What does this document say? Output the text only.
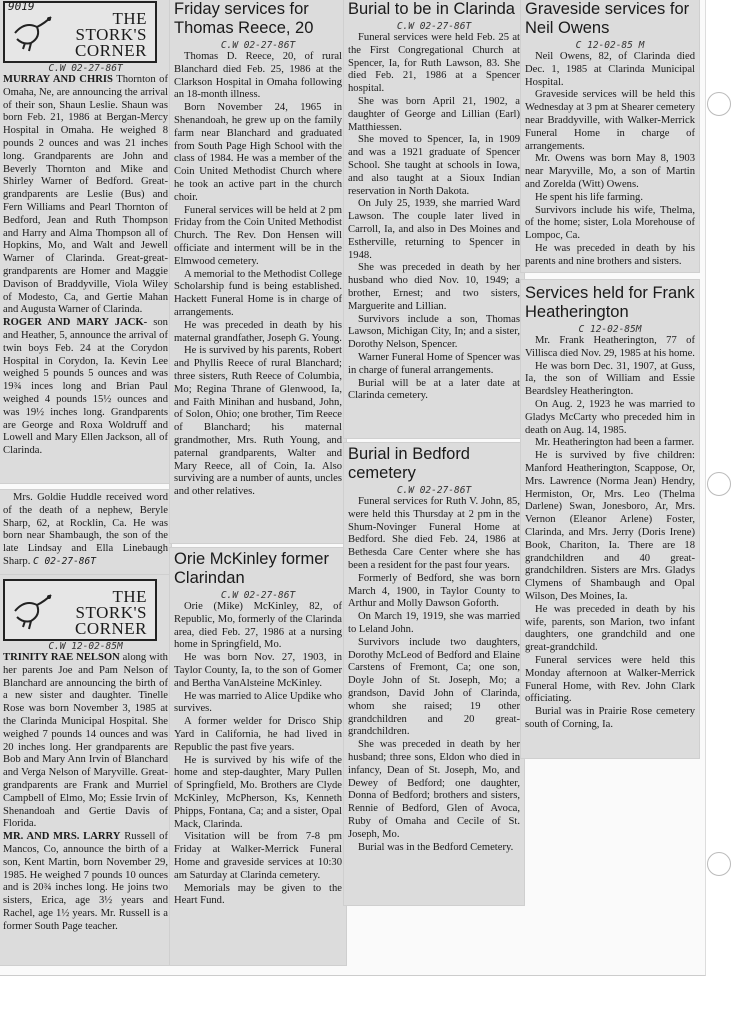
THE
STORK'S
CORNER
C.W 02-27-86T

MURRAY AND CHRIS Thornton of Omaha, Ne, are announcing the arrival of their son, Shaun Leslie. Shaun was born Feb. 21, 1986 at Bergan-Mercy Hospital in Omaha. He weighed 8 pounds 2 ounces and was 21 inches long. Grandparents are John and Beverly Thornton and Mike and Shirley Warner of Bedford. Great-grandparents are Leslie (Bus) and Fern Williams and Pearl Thornton of Bedford, Jean and Ruth Thompson and Harry and Alma Thompson all of Hopkins, Mo, and Walt and Jewell Warner of Clarinda. Great-great-grandparents are Homer and Maggie Davison of Braddyville, Viola Wiley of Modesto, Ca, and Gertie Mahan and Augusta Warner of Clarinda.

ROGER AND MARY JACK- son and Heather, 5, announce the arrival of twin boys Feb. 24 at the Corydon Hospital in Corydon, Ia. Kevin Lee weighed 5 pounds 5 ounces and was 19¾ inces long and Brian Paul weighed 4 pounds 15½ ounces and was 19½ inches long. Grandparents are George and Roxa Woldruff and Lowell and Mary Ellen Jackson, all of Clarinda.

Mrs. Goldie Huddle received word of the death of a nephew, Beryle Sharp, 62, at Rocklin, Ca. He was born near Shambaugh, the son of the late Lindsay and Ella Linebaugh Sharp. C 02-27-86T

THE
STORK'S
CORNER
C.W 12-02-85M

TRINITY RAE NELSON along with her parents Joe and Pam Nelson of Blanchard are announcing the birth of a new sister and daughter. Tinelle Rose was born November 3, 1985 at the Clarinda Municipal Hospital. She weighed 7 pounds 14 ounces and was 20 inches long. Her grandparents are Bob and Mary Ann Irvin of Blanchard and Verga Nelson of Maryville. Great-grandparents are Frank and Murriel Campbell of Elmo, Mo; Essie Irvin of Shenandoah and Gertie Davis of Florida.

MR. AND MRS. LARRY Russell of Mancos, Co, announce the birth of a son, Kent Martin, born November 29, 1985. He weighed 7 pounds 10 ounces and is 20¾ inches long. He joins two sisters, Erica, age 3½ years and Rachel, age 1½ years. Mr. Russell is a former South Page teacher.

9019	Friday services for Thomas Reece, 20
C.W 02-27-86T

Thomas D. Reece, 20, of rural Blanchard died Feb. 25, 1986 at the Clarkson Hospital in Omaha following an 18-month illness.

Born November 24, 1965 in Shenandoah, he grew up on the family farm near Blanchard and graduated from South Page High School with the class of 1984. He was a member of the Coin United Methodist Church where he took an active part in the church choir.

Funeral services will be held at 2 pm Friday from the Coin United Methodist Church. The Rev. Don Hensen will officiate and interment will be in the Elmwood cemetery.

A memorial to the Methodist College Scholarship fund is being established. Hackett Funeral Home is in charge of arrangements.

He was preceded in death by his maternal grandfather, Joseph G. Young.

He is survived by his parents, Robert and Phyllis Reece of rural Blanchard; three sisters, Ruth Reece of Columbia, Mo; Regina Thrane of Glenwood, Ia, and Faith Minihan and husband, John, of Solon, Ohio; one brother, Tim Reece of Blanchard; his maternal grandmother, Mrs. Ruth Young, and paternal grandparents, Walter and Mary Reece, all of Coin, Ia. Also surviving are a number of aunts, uncles and other relatives.

Orie McKinley former Clarindan
C.W 02-27-86T

Orie (Mike) McKinley, 82, of Republic, Mo, formerly of the Clarinda area, died Feb. 27, 1986 at a nursing home in Springfield, Mo.

He was born Nov. 27, 1903, in Taylor County, Ia, to the son of Gomer and Bertha VanAlsteine McKinley.

He was married to Alice Updike who survives.

A former welder for Drisco Ship Yard in California, he had lived in Republic the past five years.

He is survived by his wife of the home and step-daughter, Mary Pullen of Springfield, Mo. Brothers are Clyde McKinley, McPherson, Ks, Kenneth Phipps, Fontana, Ca; and a sister, Opal Mack, Clarinda.

Visitation will be from 7-8 pm Friday at Walker-Merrick Funeral Home and graveside services at 10:30 am Saturday at Clarinda cemetery.

Memorials may be given to the Heart Fund.

Burial to be in Clarinda
C.W 02-27-86T

Funeral services were held Feb. 25 at the First Congregational Church at Spencer, Ia, for Ruth Lawson, 83. She died Feb. 21, 1986 at a Spencer hospital.

She was born April 21, 1902, a daughter of George and Lillian (Earl) Matthiessen.

She moved to Spencer, Ia, in 1909 and was a 1921 graduate of Spencer School. She taught at schools in Iowa, and also taught at a Sioux Indian reservation in North Dakota.

On July 25, 1939, she married Ward Lawson. The couple later lived in Carroll, Ia, and also in Des Moines and Estherville, returning to Spencer in 1948.

She was preceded in death by her husband who died Nov. 10, 1949; a brother, Ernest; and two sisters, Marguerite and Lillian.

Survivors include a son, Thomas Lawson, Michigan City, In; and a sister, Dorothy Nelson, Spencer.

Warner Funeral Home of Spencer was in charge of funeral arrangements.

Burial will be at a later date at Clarinda cemetery.

Burial in Bedford cemetery
C.W 02-27-86T

Funeral services for Ruth V. John, 85, were held this Thursday at 2 pm in the Shum-Novinger Funeral Home at Bedford. She died Feb. 24, 1986 at Bethesda Care Center where she has been a resident for the past four years.

Formerly of Bedford, she was born March 4, 1900, in Taylor County to Arthur and Molly Dawson Goforth.

On March 19, 1919, she was married to Leland John.

Survivors include two daughters, Dorothy McLeod of Bedford and Elaine Carstens of Fremont, Ca; one son, Doyle John of St. Joseph, Mo; a grandson, David John of Clarinda, whom she raised; 19 other grandchildren and 20 great-grandchildren.

She was preceded in death by her husband; three sons, Eldon who died in infancy, Dean of St. Joseph, Mo, and Dewey of Bedford; one daughter, Donna of Bedford; brothers and sisters, Rennie of Bedford, Glen of Avoca, Ruby of Omaha and Cecile of St. Joseph, Mo.

Burial was in the Bedford Cemetery.

Graveside services for Neil Owens
C 12-02-85 M

Neil Owens, 82, of Clarinda died Dec. 1, 1985 at Clarinda Municipal Hospital.

Graveside services will be held this Wednesday at 3 pm at Shearer cemetery near Braddyville, with Walker-Merrick Funeral Home in charge of arrangements.

Mr. Owens was born May 8, 1903 near Maryville, Mo, a son of Martin and Zorelda (Witt) Owens.

He spent his life farming.

Survivors include his wife, Thelma, of the home; sister, Lola Morehouse of Lompoc, Ca.

He was preceded in death by his parents and nine brothers and sisters.

Services held for Frank Heatherington
C 12-02-85M

Mr. Frank Heatherington, 77 of Villisca died Nov. 29, 1985 at his home.

He was born Dec. 31, 1907, at Guss, Ia, the son of William and Essie Beardsley Heatherington.

On Aug. 2, 1923 he was married to Gladys McCarty who preceded him in death on Aug. 14, 1985.

Mr. Heatherington had been a farmer.

He is survived by five children: Manford Heatherington, Scappose, Or, Mrs. Lawrence (Norma Jean) Hendry, Hermiston, Or, Mrs. Leo (Thelma Darlene) Swan, Jonesboro, Ar, Mrs. Vernon (Eleanor Arlene) Foster, Clarinda, and Mrs. Jerry (Doris Irene) Book, Chariton, Ia. There are 18 grandchildren and 40 great-grandchildren. Sisters are Mrs. Gladys Clymens of Shambaugh and Opal Wilson, Des Moines, Ia.

He was preceded in death by his wife, parents, son Marion, two infant daughters, one grandchild and one great-grandchild.

Funeral services were held this Monday afternoon at Walker-Merrick Funeral Home, with Rev. John Clark officiating.

Burial was in Prairie Rose cemetery south of Corning, Ia.
